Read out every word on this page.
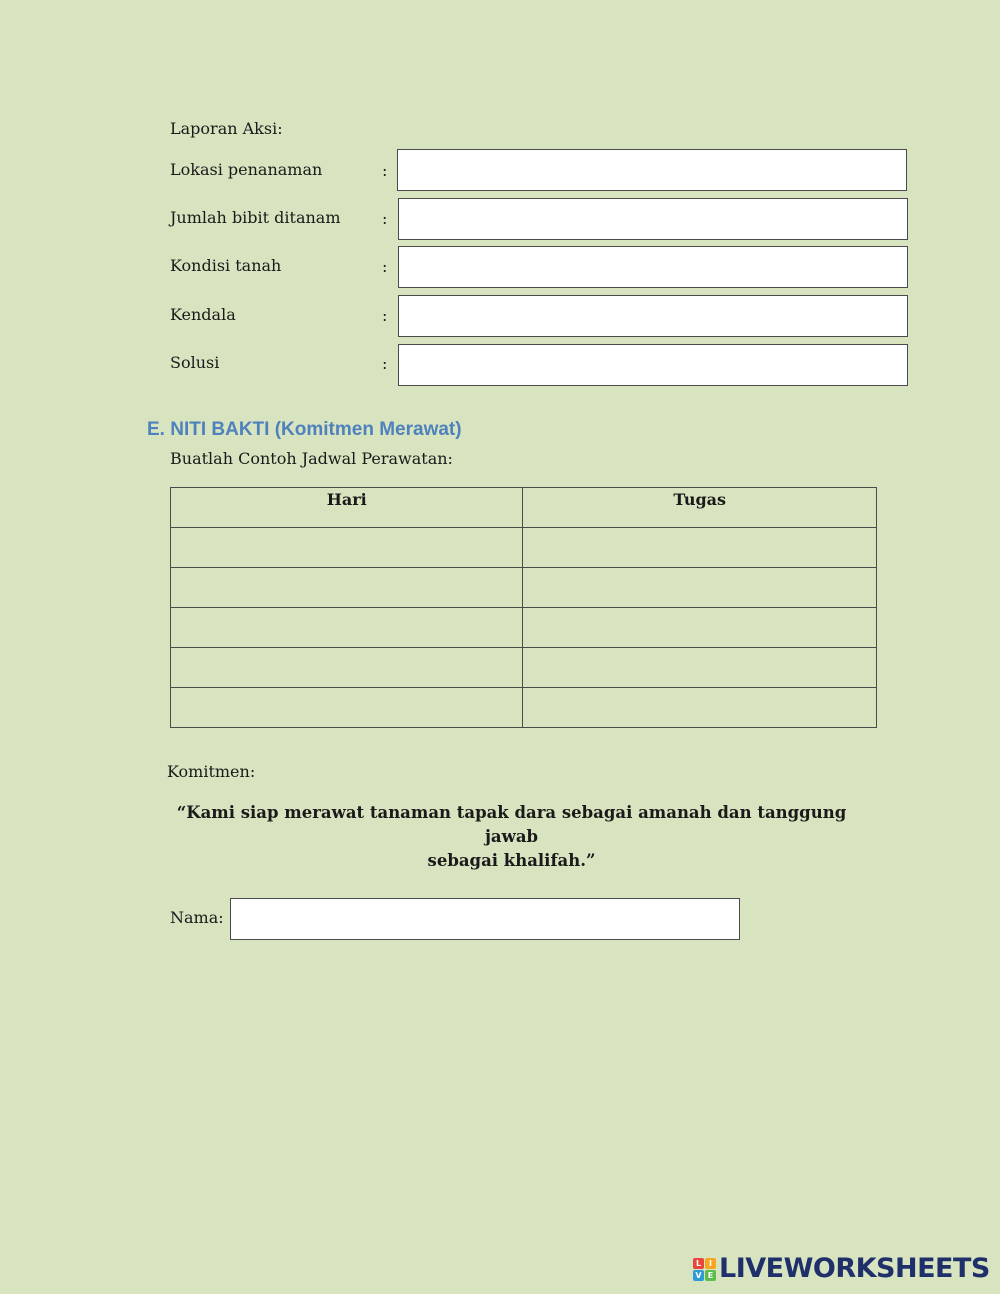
Laporan Aksi:
Lokasi penanaman	:
Jumlah bibit ditanam	:
Kondisi tanah	:
Kendala	:
Solusi	:
E. NITI BAKTI (Komitmen Merawat)
Buatlah Contoh Jadwal Perawatan:
Hari	Tugas

Komitmen:
“Kami siap merawat tanaman tapak dara sebagai amanah dan tanggung jawab
sebagai khalifah.”
Nama:
L I
V E LIVEWORKSHEETS
